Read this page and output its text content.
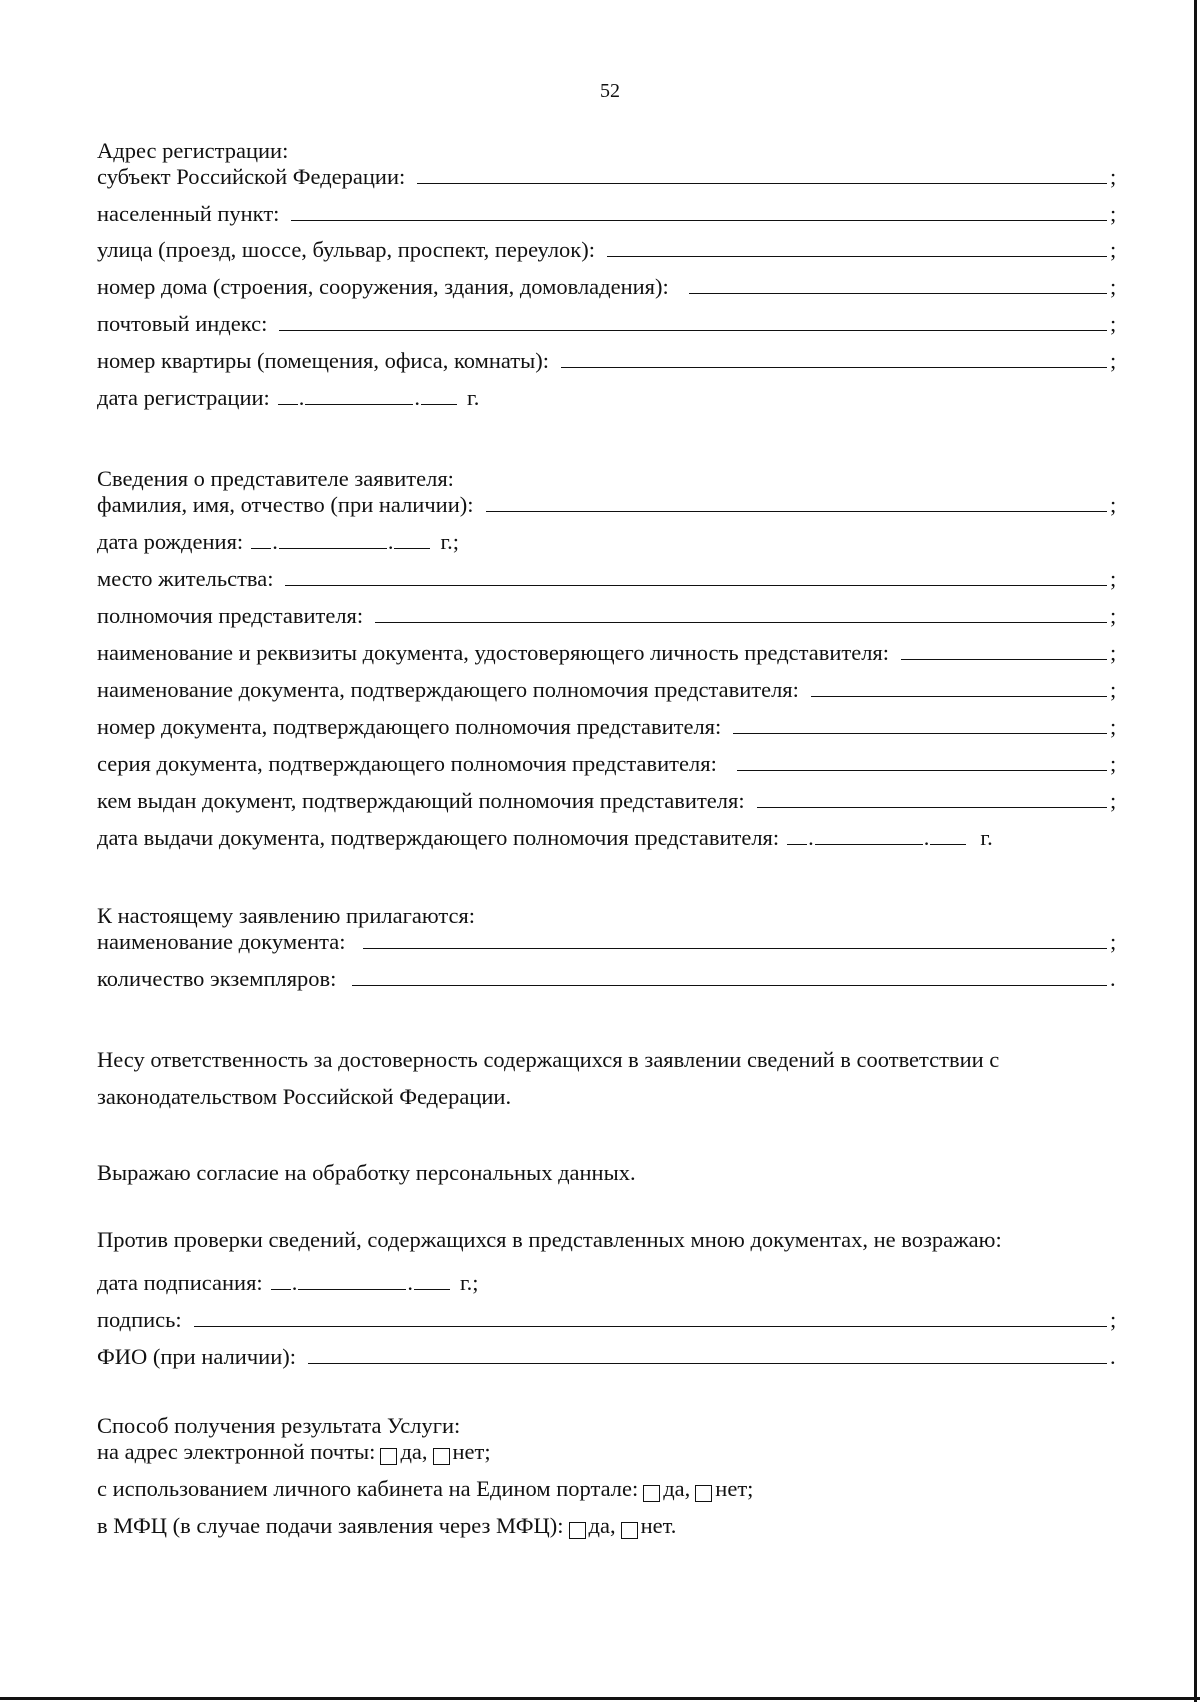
52
Адрес регистрации:
субъект Российской Федерации:	;
населенный пункт:	;
улица (проезд, шоссе, бульвар, проспект, переулок):	;
номер дома (строения, сооружения, здания, домовладения):	;
почтовый индекс:	;
номер квартиры (помещения, офиса, комнаты):	;
дата регистрации: .	. г.
Сведения о представителе заявителя:
фамилия, имя, отчество (при наличии):	;
дата рождения: .	. г.;
место жительства:	;
полномочия представителя:	;
наименование и реквизиты документа, удостоверяющего личность представителя:	;
наименование документа, подтверждающего полномочия представителя:	;
номер документа, подтверждающего полномочия представителя:	;
серия документа, подтверждающего полномочия представителя:	;
кем выдан документ, подтверждающий полномочия представителя:	;
дата выдачи документа, подтверждающего полномочия представителя: .	. г.
К настоящему заявлению прилагаются:
наименование документа:	;
количество экземпляров:	.
Несу ответственность за достоверность содержащихся в заявлении сведений в соответствии с законодательством Российской Федерации.
Выражаю согласие на обработку персональных данных.
Против проверки сведений, содержащихся в представленных мною документах, не возражаю:
дата подписания: .	. г.;
подпись:	;
ФИО (при наличии):	.
Способ получения результата Услуги:
на адрес электронной почты: да, нет;
с использованием личного кабинета на Едином портале: да, нет;
в МФЦ (в случае подачи заявления через МФЦ): да, нет.
